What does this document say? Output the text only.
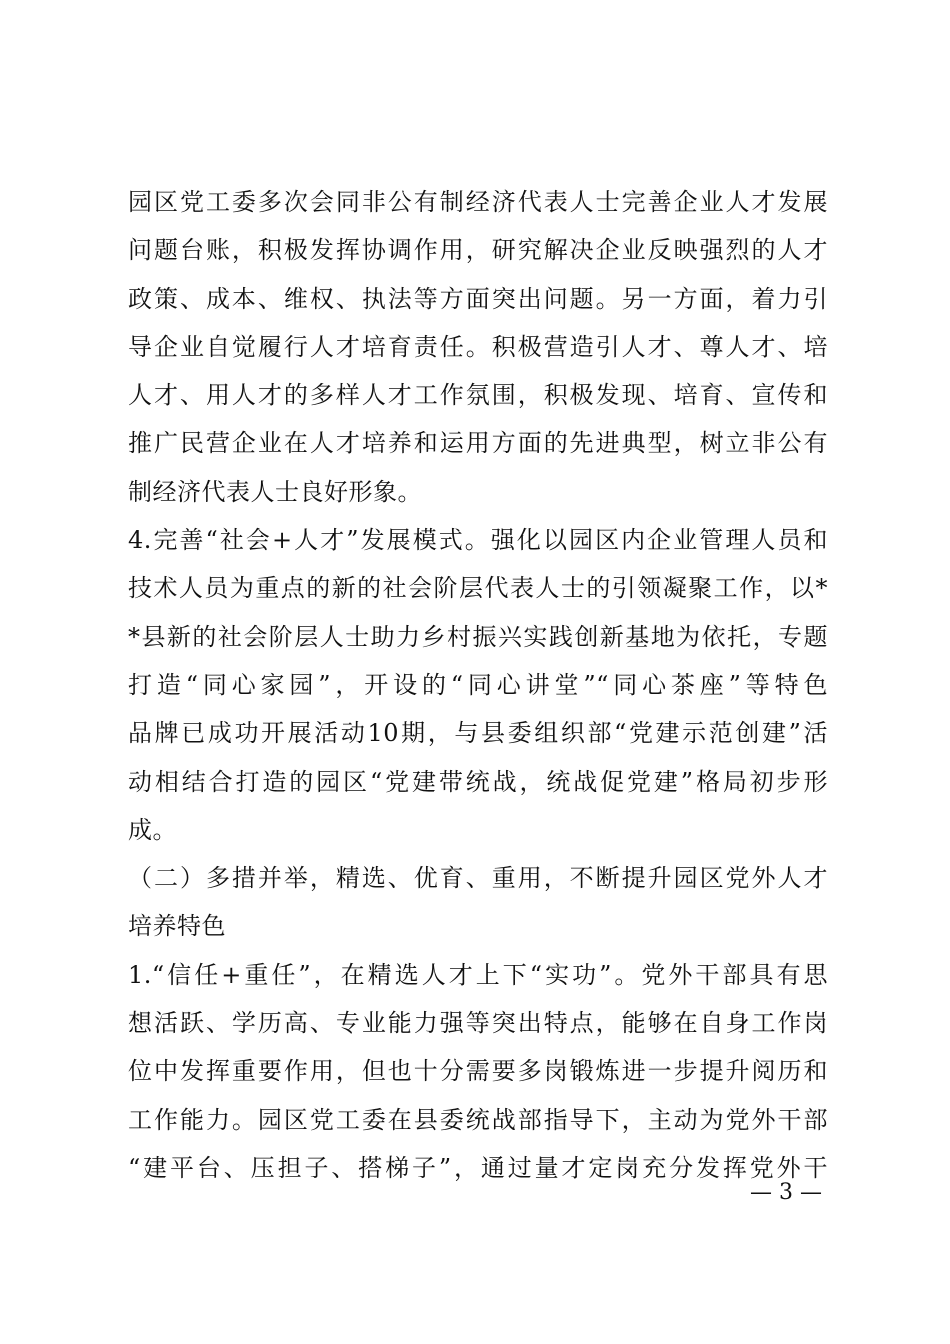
园区党工委多次会同非公有制经济代表人士完善企业人才发展
问题台账，积极发挥协调作用，研究解决企业反映强烈的人才
政策、成本、维权、执法等方面突出问题。另一方面，着力引
导企业自觉履行人才培育责任。积极营造引人才、尊人才、培
人才、用人才的多样人才工作氛围，积极发现、培育、宣传和
推广民营企业在人才培养和运用方面的先进典型，树立非公有
制经济代表人士良好形象。
4.完善“社会+人才”发展模式。强化以园区内企业管理人员和
技术人员为重点的新的社会阶层代表人士的引领凝聚工作，以*
*县新的社会阶层人士助力乡村振兴实践创新基地为依托，专题
打造“同心家园”，开设的“同心讲堂”“同心茶座”等特色
品牌已成功开展活动10期，与县委组织部“党建示范创建”活
动相结合打造的园区“党建带统战，统战促党建”格局初步形
成。
（二）多措并举，精选、优育、重用，不断提升园区党外人才
培养特色
1.“信任+重任”，在精选人才上下“实功”。党外干部具有思
想活跃、学历高、专业能力强等突出特点，能够在自身工作岗
位中发挥重要作用，但也十分需要多岗锻炼进一步提升阅历和
工作能力。园区党工委在县委统战部指导下，主动为党外干部
“建平台、压担子、搭梯子”，通过量才定岗充分发挥党外干
— 3 —
